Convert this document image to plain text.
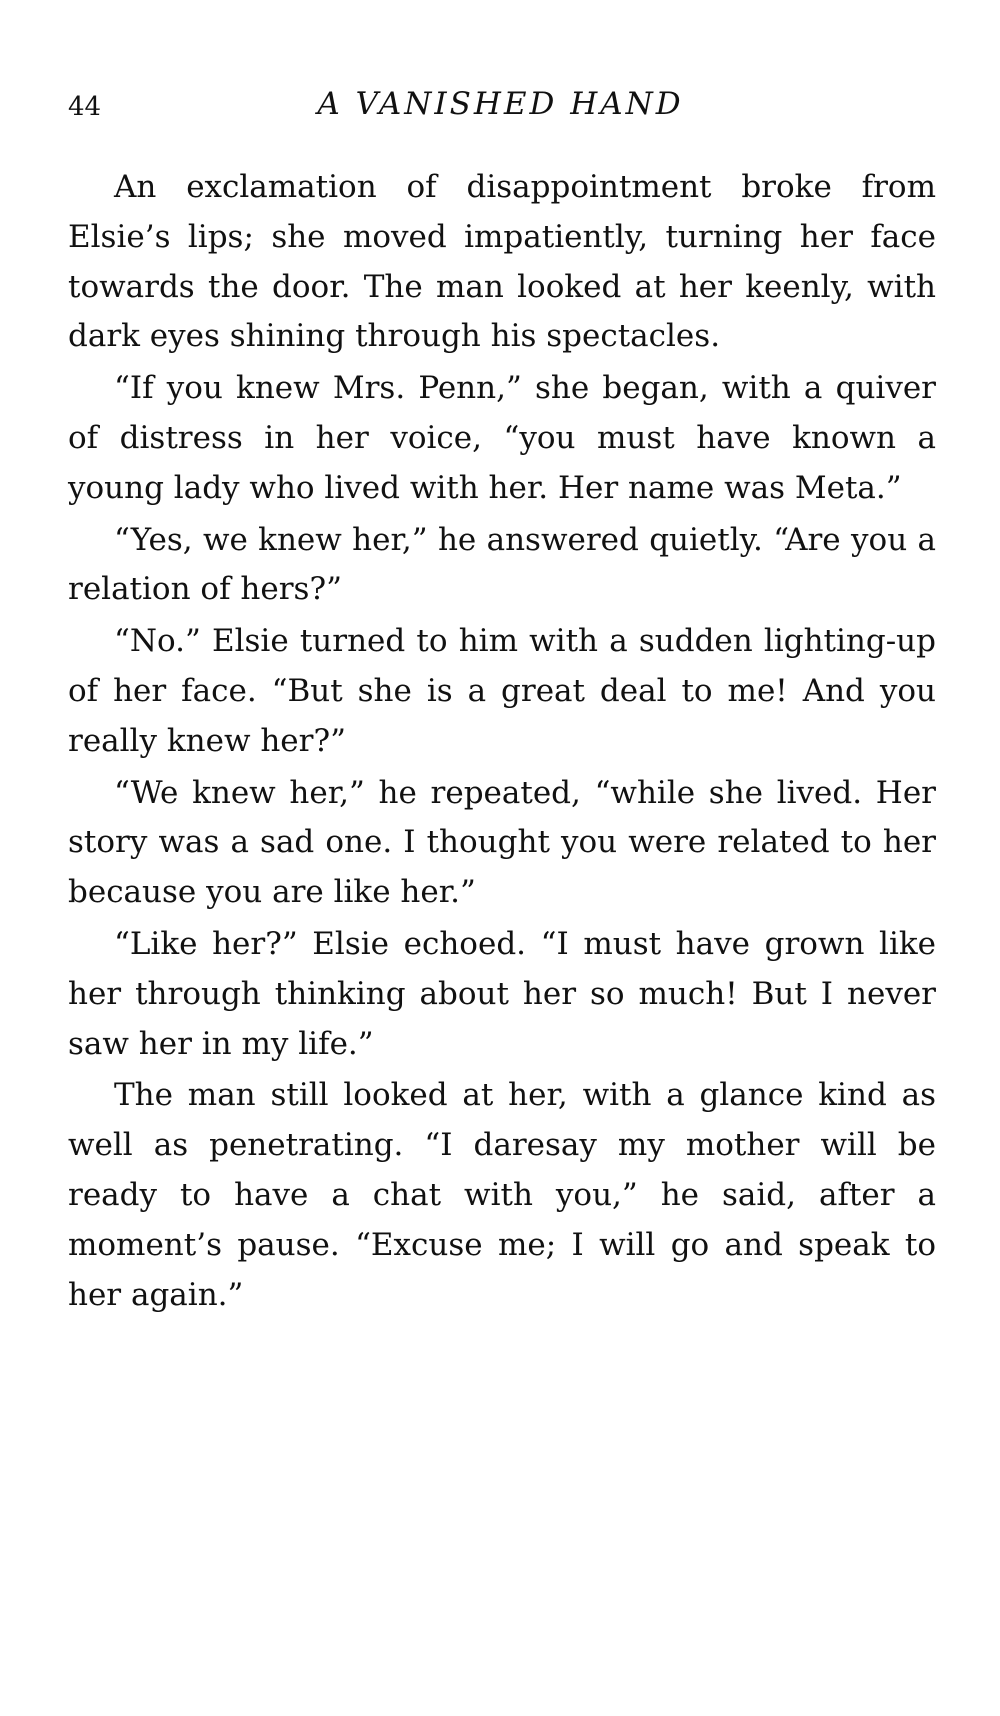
44	A VANISHED HAND

An exclamation of disappointment broke from Elsie’s lips; she moved impatiently, turning her face towards the door. The man looked at her keenly, with dark eyes shining through his spectacles.

“If you knew Mrs. Penn,” she began, with a quiver of distress in her voice, “you must have known a young lady who lived with her. Her name was Meta.”

“Yes, we knew her,” he answered quietly. “Are you a relation of hers?”

“No.” Elsie turned to him with a sudden lighting-up of her face. “But she is a great deal to me! And you really knew her?”

“We knew her,” he repeated, “while she lived. Her story was a sad one. I thought you were related to her because you are like her.”

“Like her?” Elsie echoed. “I must have grown like her through thinking about her so much! But I never saw her in my life.”

The man still looked at her, with a glance kind as well as penetrating. “I daresay my mother will be ready to have a chat with you,” he said, after a moment’s pause. “Excuse me; I will go and speak to her again.”
